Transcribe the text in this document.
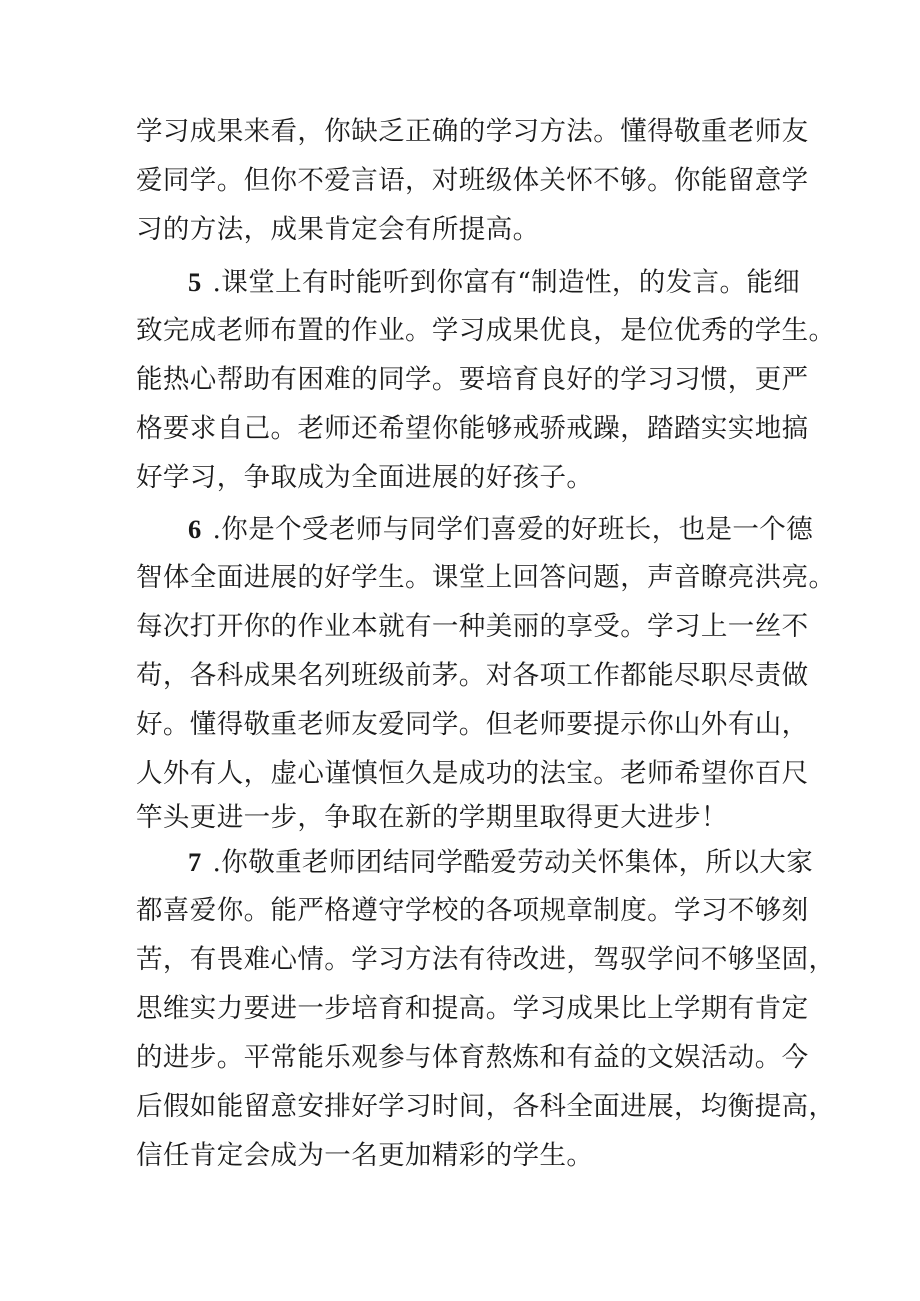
学习成果来看，你缺乏正确的学习方法。懂得敬重老师友
爱同学。但你不爱言语，对班级体关怀不够。你能留意学
习的方法，成果肯定会有所提高。
5 .课堂上有时能听到你富有“制造性，的发言。能细
致完成老师布置的作业。学习成果优良，是位优秀的学生。
能热心帮助有困难的同学。要培育良好的学习习惯，更严
格要求自己。老师还希望你能够戒骄戒躁，踏踏实实地搞
好学习，争取成为全面进展的好孩子。
6 .你是个受老师与同学们喜爱的好班长，也是一个德
智体全面进展的好学生。课堂上回答问题，声音瞭亮洪亮。
每次打开你的作业本就有一种美丽的享受。学习上一丝不
苟，各科成果名列班级前茅。对各项工作都能尽职尽责做
好。懂得敬重老师友爱同学。但老师要提示你山外有山，
人外有人，虚心谨慎恒久是成功的法宝。老师希望你百尺
竿头更进一步，争取在新的学期里取得更大进步！
7 .你敬重老师团结同学酷爱劳动关怀集体，所以大家
都喜爱你。能严格遵守学校的各项规章制度。学习不够刻
苦，有畏难心情。学习方法有待改进，驾驭学问不够坚固，
思维实力要进一步培育和提高。学习成果比上学期有肯定
的进步。平常能乐观参与体育熬炼和有益的文娱活动。今
后假如能留意安排好学习时间，各科全面进展，均衡提高，
信任肯定会成为一名更加精彩的学生。
